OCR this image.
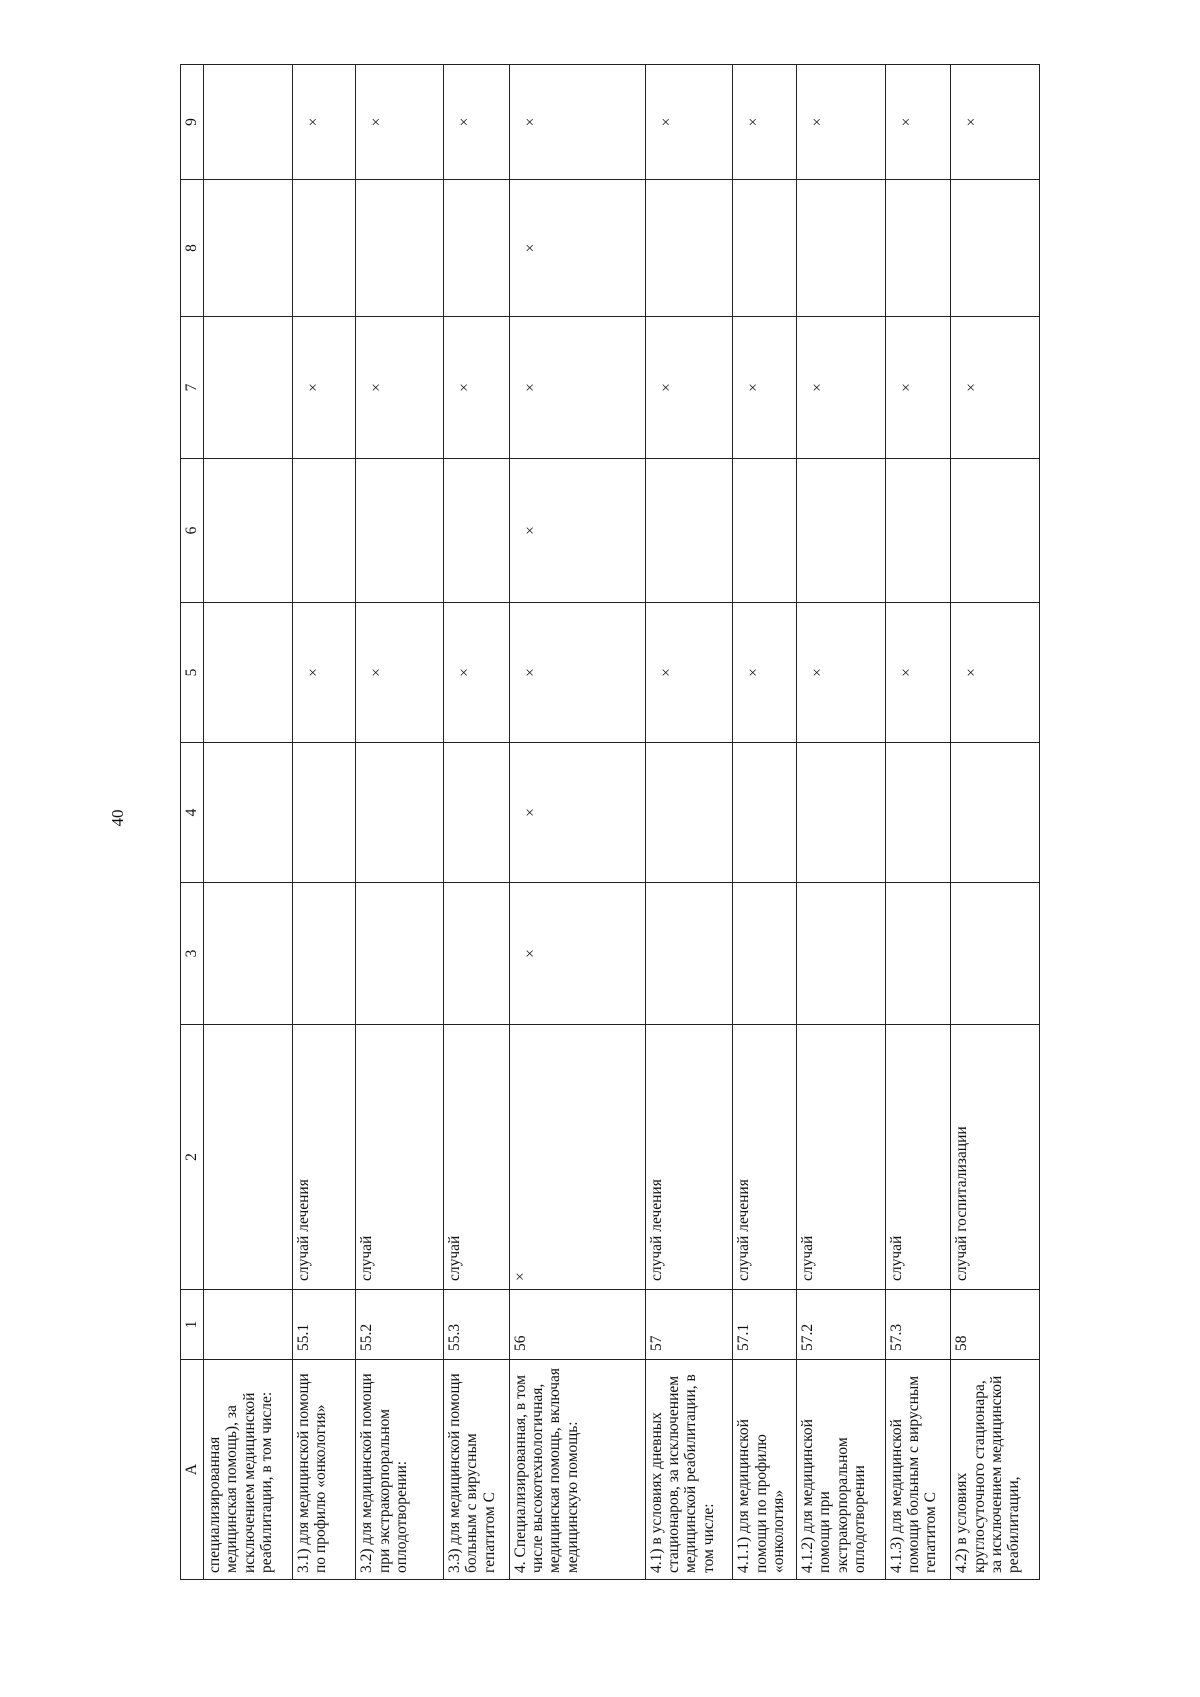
40
A	1	2	3	4	5	6	7	8	9
специализированная медицинская помощь), за исключением медицинской реабилитации, в том числе:									
3.1) для медицинской помощи по профилю «онкология»	55.1	случай лечения			×		×		×
3.2) для медицинской помощи при экстракорпоральном оплодотворении:	55.2	случай			×		×		×
3.3) для медицинской помощи больным с вирусным гепатитом С	55.3	случай			×		×		×
4. Специализированная, в том числе высокотехнологичная, медицинская помощь, включая медицинскую помощь:	56	×	×	×	×	×	×	×	×
4.1) в условиях дневных стационаров, за исключением медицинской реабилитации, в том числе:	57	случай лечения			×		×		×
4.1.1) для медицинской помощи по профилю «онкология»	57.1	случай лечения			×		×		×
4.1.2) для медицинской помощи при экстракорпоральном оплодотворении	57.2	случай			×		×		×
4.1.3) для медицинской помощи больным с вирусным гепатитом С	57.3	случай			×		×		×
4.2) в условиях круглосуточного стационара, за исключением медицинской реабилитации,	58	случай госпитализации			×		×		×
